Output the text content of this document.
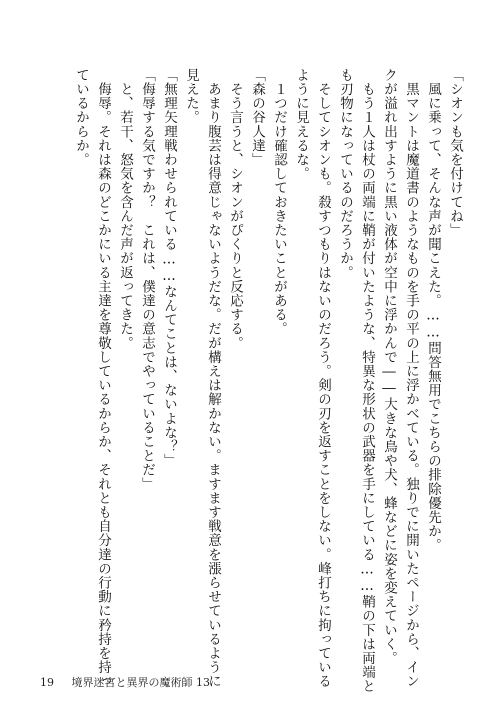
「シオンも気を付けてね」
　風に乗って、そんな声が聞こえた。……問答無用でこちらの排除優先か。
　黒マントは魔道書のようなものを手の平の上に浮かべている。独りでに開いたページから、イン
クが溢れ出すように黒い液体が空中に浮かんで――大きな鳥や犬、蜂などに姿を変えていく。
　もう１人は杖の両端に鞘が付いたような、特異な形状の武器を手にしている……鞘の下は両端と
も刃物になっているのだろうか。
　そしてシオンも。殺すつもりはないのだろう。剣の刃を返すことをしない。峰打ちに拘っている
ように見えるな。
　１つだけ確認しておきたいことがある。
「森の谷人達」
　そう言うと、シオンがぴくりと反応する。
　あまり腹芸は得意じゃないようだな。だが構えは解かない。ますます戦意を漲らせているように
見えた。
「無理矢理戦わせられている……なんてことは、ないよな？」
「侮辱する気ですか？　これは、僕達の意志でやっていることだ」
　と、若干、怒気を含んだ声が返ってきた。
　侮辱。それは森のどこかにいる主達を尊敬しているからか、それとも自分達の行動に矜持を持っ
ているからか。
19 境界迷宮と異界の魔術師 13
